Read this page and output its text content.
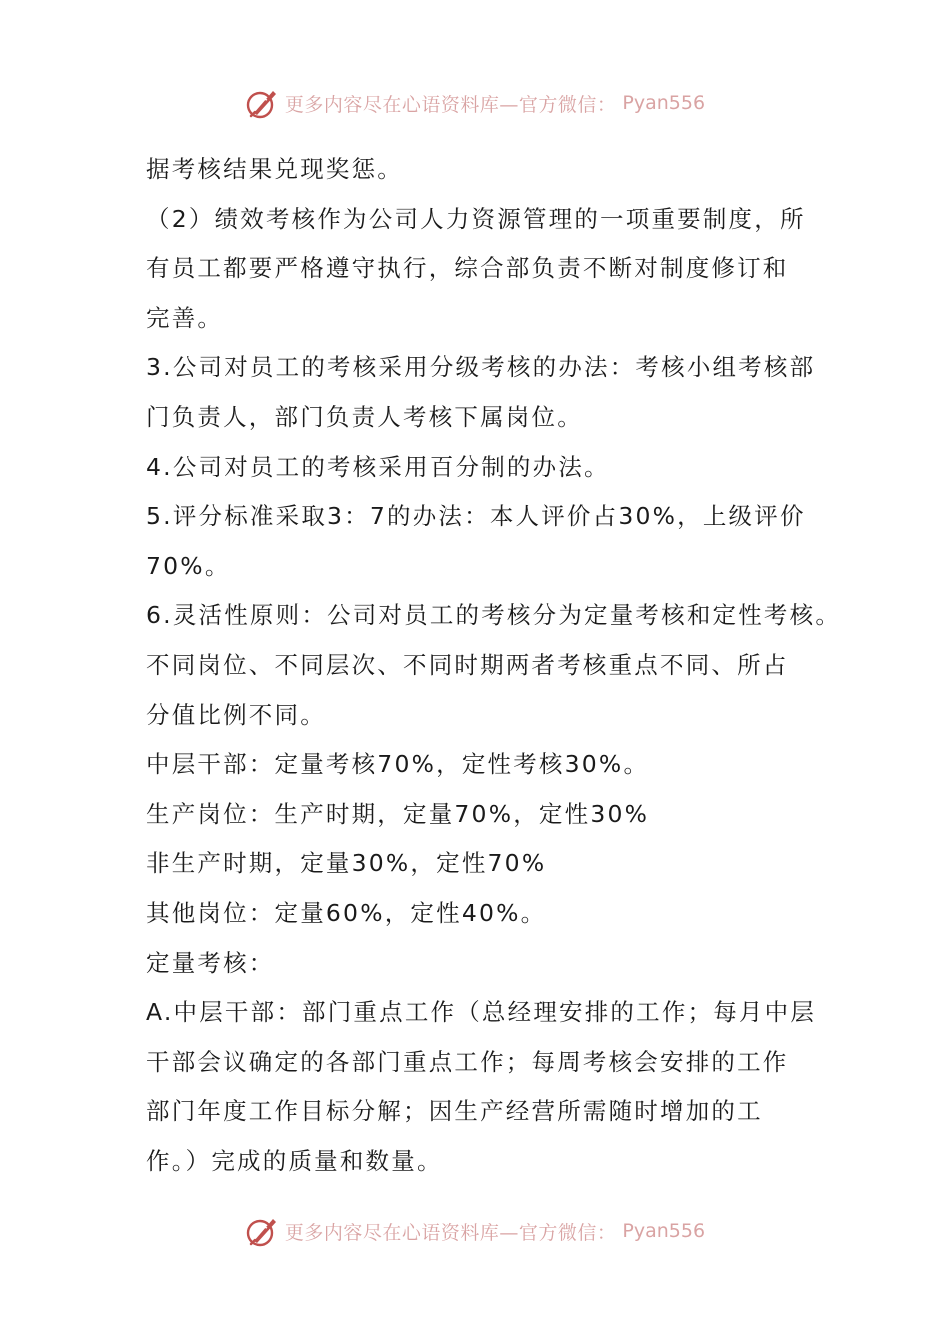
更多内容尽在心语资料库—官方微信： Pyan556
据考核结果兑现奖惩。
（2）绩效考核作为公司人力资源管理的一项重要制度，所
有员工都要严格遵守执行，综合部负责不断对制度修订和
完善。
3.公司对员工的考核采用分级考核的办法：考核小组考核部
门负责人，部门负责人考核下属岗位。
4.公司对员工的考核采用百分制的办法。
5.评分标准采取3：7的办法：本人评价占30%，上级评价
70%。
6.灵活性原则：公司对员工的考核分为定量考核和定性考核。
不同岗位、不同层次、不同时期两者考核重点不同、所占
分值比例不同。
中层干部：定量考核70%，定性考核30%。
生产岗位：生产时期，定量70%，定性30%
非生产时期，定量30%，定性70%
其他岗位：定量60%，定性40%。
定量考核：
A.中层干部：部门重点工作（总经理安排的工作；每月中层
干部会议确定的各部门重点工作；每周考核会安排的工作
部门年度工作目标分解；因生产经营所需随时增加的工
作。）完成的质量和数量。
更多内容尽在心语资料库—官方微信： Pyan556
